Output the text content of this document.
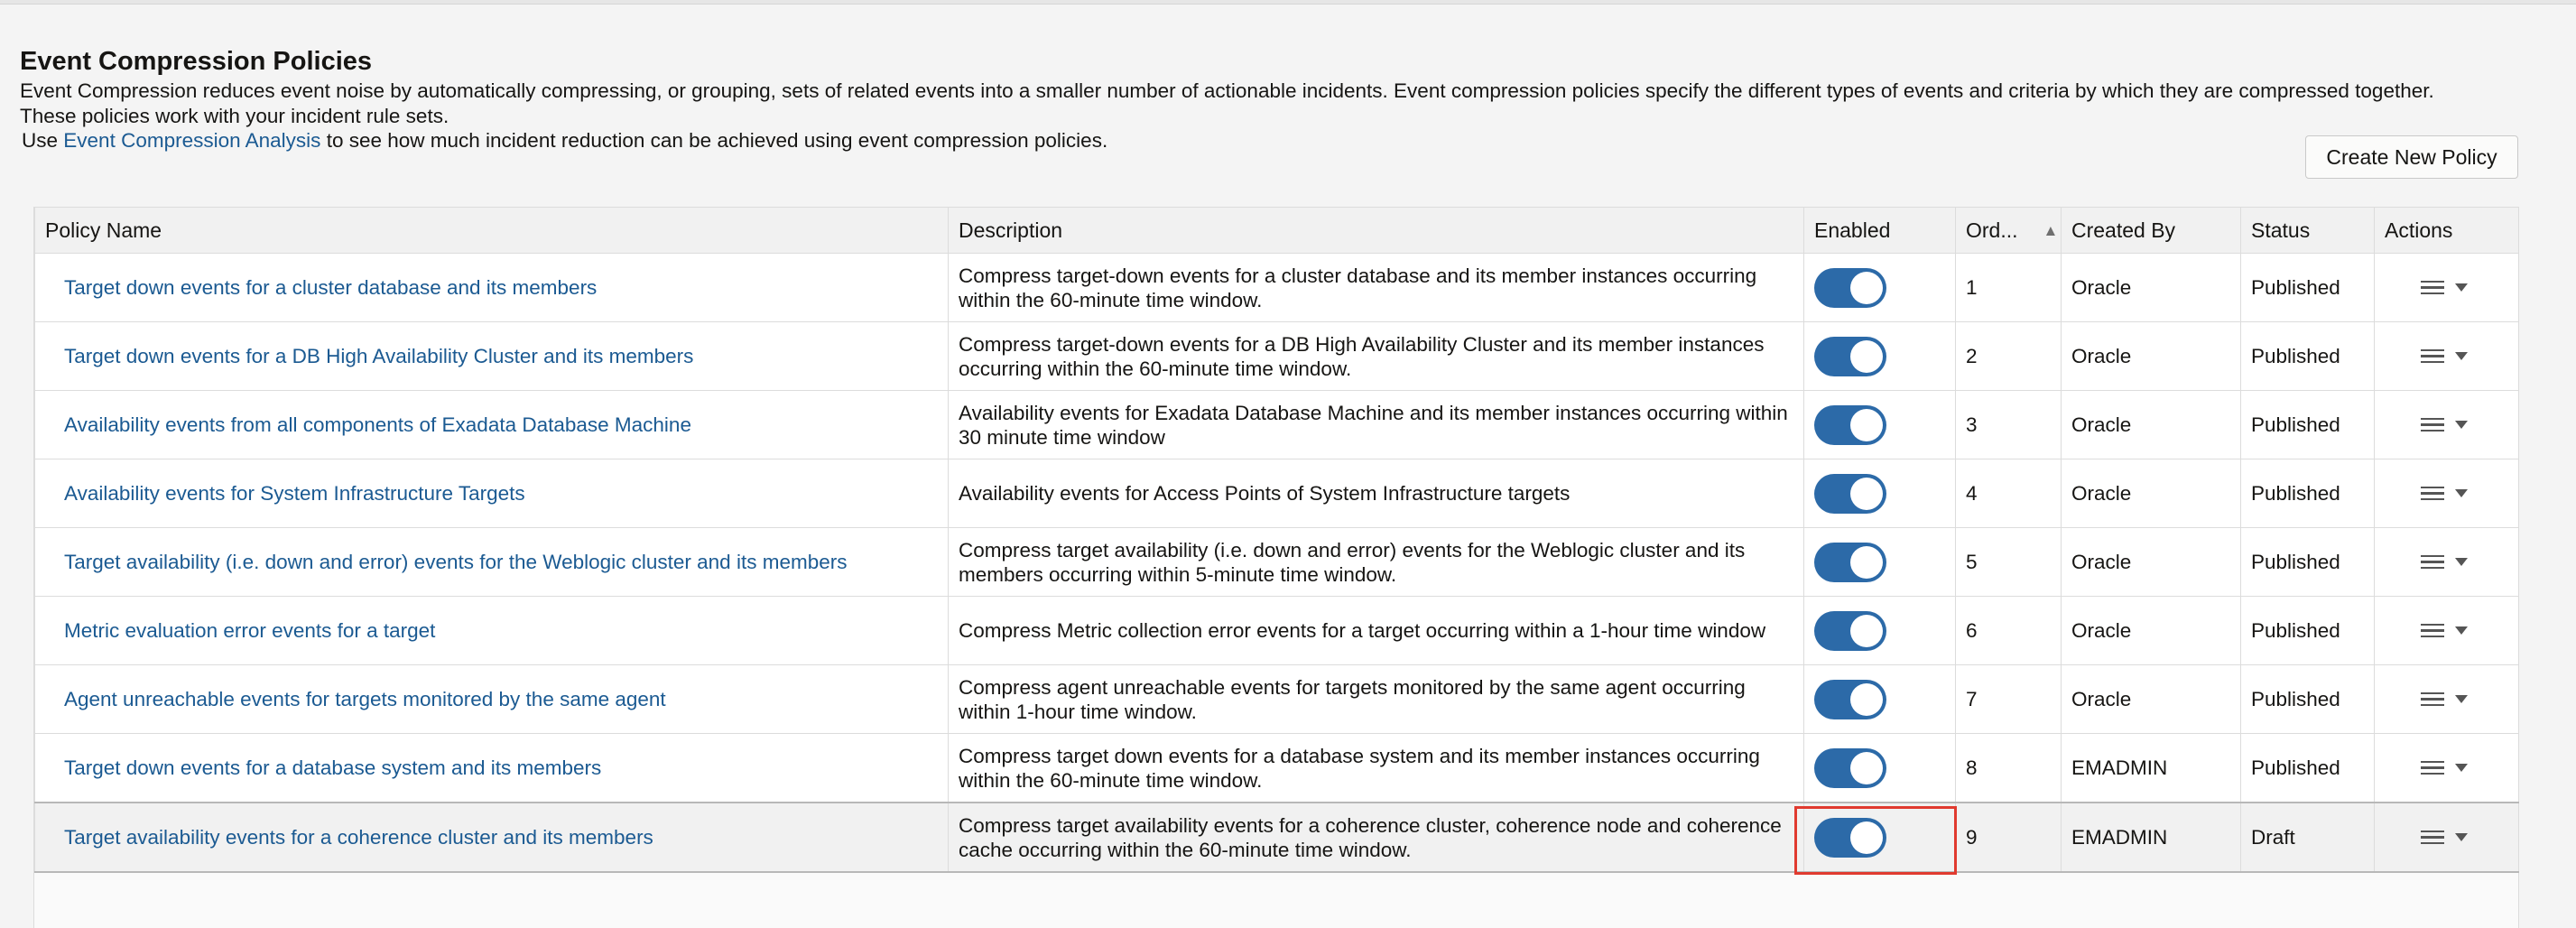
Event Compression Policies

Event Compression reduces event noise by automatically compressing, or grouping, sets of related events into a smaller number of actionable incidents. Event compression policies specify the different types of events and criteria by which they are compressed together.

These policies work with your incident rule sets.

Use Event Compression Analysis to see how much incident reduction can be achieved using event compression policies.
Create New Policy
Policy Name	Description	Enabled	Ord... ▲	Created By	Status	Actions
Target down events for a cluster database and its members	Compress target-down events for a cluster database and its member instances occurring within the 60-minute time window.		1	Oracle	Published	

Target down events for a DB High Availability Cluster and its members	Compress target-down events for a DB High Availability Cluster and its member instances occurring within the 60-minute time window.		2	Oracle	Published	

Availability events from all components of Exadata Database Machine	Availability events for Exadata Database Machine and its member instances occurring within 30 minute time window		3	Oracle	Published	

Availability events for System Infrastructure Targets	Availability events for Access Points of System Infrastructure targets		4	Oracle	Published	

Target availability (i.e. down and error) events for the Weblogic cluster and its members	Compress target availability (i.e. down and error) events for the Weblogic cluster and its members occurring within 5-minute time window.		5	Oracle	Published	

Metric evaluation error events for a target	Compress Metric collection error events for a target occurring within a 1-hour time window		6	Oracle	Published	

Agent unreachable events for targets monitored by the same agent	Compress agent unreachable events for targets monitored by the same agent occurring within 1-hour time window.		7	Oracle	Published	

Target down events for a database system and its members	Compress target down events for a database system and its member instances occurring within the 60-minute time window.		8	EMADMIN	Published	

Target availability events for a coherence cluster and its members	Compress target availability events for a coherence cluster, coherence node and coherence cache occurring within the 60-minute time window.		9	EMADMIN	Draft	
